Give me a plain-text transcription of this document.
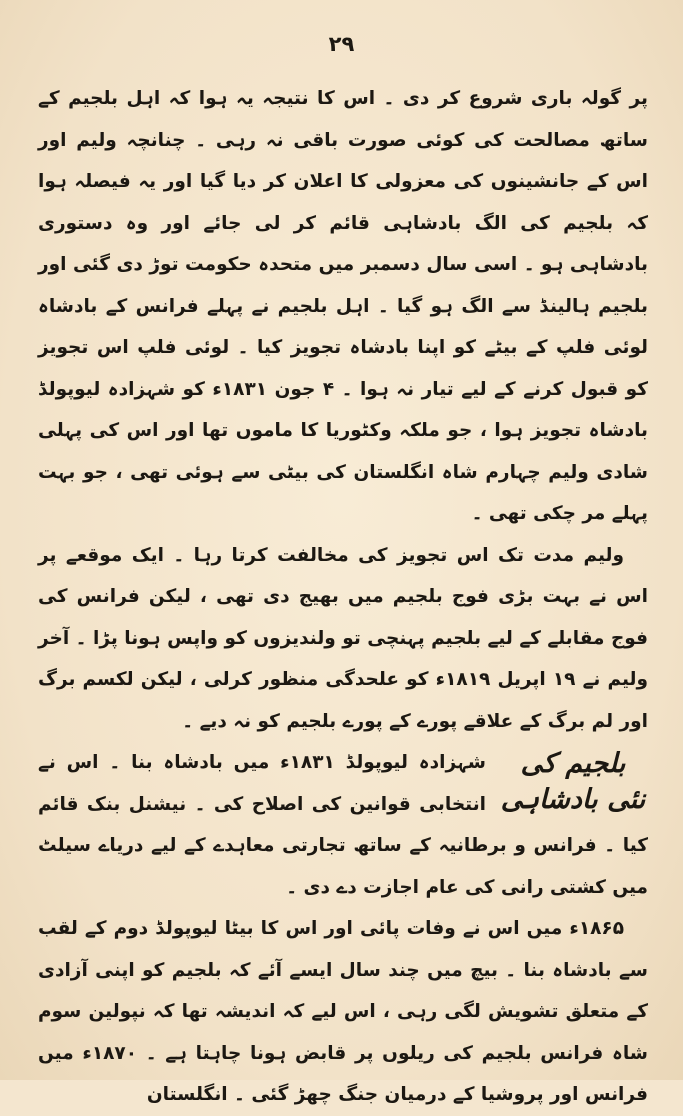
۲۹

پر گولہ باری شروع کر دی ۔ اس کا نتیجہ یہ ہوا کہ اہل بلجیم کے ساتھ مصالحت کی کوئی صورت باقی نہ رہی ۔ چنانچہ ولیم اور اس کے جانشینوں کی معزولی کا اعلان کر دیا گیا اور یہ فیصلہ ہوا کہ بلجیم کی الگ بادشاہی قائم کر لی جائے اور وہ دستوری بادشاہی ہو ۔ اسی سال دسمبر میں متحدہ حکومت توڑ دی گئی اور بلجیم ہالینڈ سے الگ ہو گیا ۔ اہل بلجیم نے پہلے فرانس کے بادشاہ لوئی فلپ کے بیٹے کو اپنا بادشاہ تجویز کیا ۔ لوئی فلپ اس تجویز کو قبول کرنے کے لیے تیار نہ ہوا ۔ ۴ جون ۱۸۳۱ء کو شہزادہ لیوپولڈ بادشاہ تجویز ہوا ، جو ملکہ وکٹوریا کا ماموں تھا اور اس کی پہلی شادی ولیم چہارم شاہ انگلستان کی بیٹی سے ہوئی تھی ، جو بہت پہلے مر چکی تھی ۔

ولیم مدت تک اس تجویز کی مخالفت کرتا رہا ۔ ایک موقعے پر اس نے بہت بڑی فوج بلجیم میں بھیج دی تھی ، لیکن فرانس کی فوج مقابلے کے لیے بلجیم پہنچی تو ولندیزوں کو واپس ہونا پڑا ۔ آخر ولیم نے ۱۹ اپریل ۱۸۱۹ء کو علحدگی منظور کرلی ، لیکن لکسم برگ اور لم برگ کے علاقے پورے کے پورے بلجیم کو نہ دیے ۔

بلجیم کی نئی بادشاہی

شہزادہ لیوپولڈ ۱۸۳۱ء میں بادشاہ بنا ۔ اس نے انتخابی قوانین کی اصلاح کی ۔ نیشنل بنک قائم کیا ۔ فرانس و برطانیہ کے ساتھ تجارتی معاہدے کے لیے دریاے سیلٹ میں کشتی رانی کی عام اجازت دے دی ۔

۱۸۶۵ء میں اس نے وفات پائی اور اس کا بیٹا لیوپولڈ دوم کے لقب سے بادشاہ بنا ۔ بیچ میں چند سال ایسے آئے کہ بلجیم کو اپنی آزادی کے متعلق تشویش لگی رہی ، اس لیے کہ اندیشہ تھا کہ نپولین سوم شاہ فرانس بلجیم کی ریلوں پر قابض ہونا چاہتا ہے ۔ ۱۸۷۰ء میں فرانس اور پروشیا کے درمیان جنگ چھڑ گئی ۔ انگلستان
